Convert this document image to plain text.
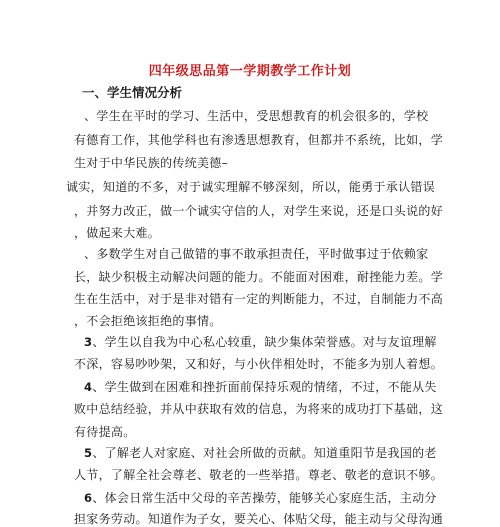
四年级思品第一学期教学工作计划
一、学生情况分析
、学生在平时的学习、生活中，受思想教育的机会很多的，学校
有德育工作，其他学科也有渗透思想教育，但都并不系统，比如，学
生对于中华民族的传统美德–
诚实，知道的不多，对于诚实理解不够深刻，所以，能勇于承认错误
，并努力改正，做一个诚实守信的人，对学生来说，还是口头说的好
，做起来大难。
、多数学生对自己做错的事不敢承担责任，平时做事过于依赖家
长，缺少积极主动解决问题的能力。不能面对困难，耐挫能力差。学
生在生活中，对于是非对错有一定的判断能力，不过，自制能力不高
，不会拒绝该拒绝的事情。
3、学生以自我为中心私心较重，缺少集体荣誉感。对与友谊理解
不深，容易吵吵架，又和好，与小伙伴相处时，不能多为别人着想。
4、学生做到在困难和挫折面前保持乐观的情绪，不过，不能从失
败中总结经验，并从中获取有效的信息，为将来的成功打下基础，这
有待提高。
5、了解老人对家庭、对社会所做的贡献。知道重阳节是我国的老
人节，了解全社会尊老、敬老的一些举措。尊老、敬老的意识不够。
6、体会日常生活中父母的辛苦操劳，能够关心家庭生活，主动分
担家务劳动。知道作为子女，要关心、体贴父母，能主动与父母沟通
